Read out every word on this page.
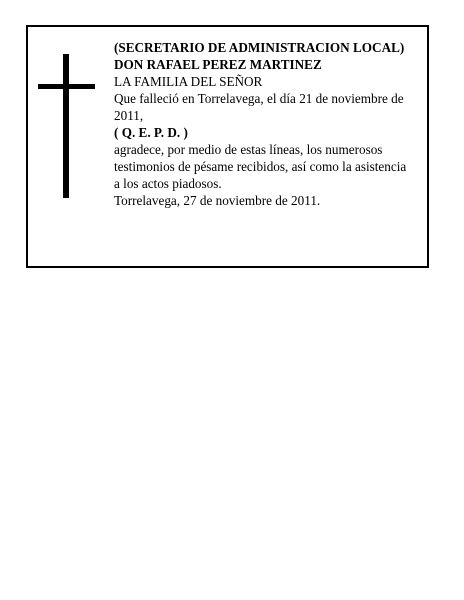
(SECRETARIO DE ADMINISTRACION LOCAL)
DON RAFAEL PEREZ MARTINEZ
LA FAMILIA DEL SEÑOR
Que falleció en Torrelavega, el día 21 de noviembre de
2011,
( Q. E. P. D. )
agradece, por medio de estas líneas, los numerosos
testimonios de pésame recibidos, así como la asistencia
a los actos piadosos.
Torrelavega, 27 de noviembre de 2011.
